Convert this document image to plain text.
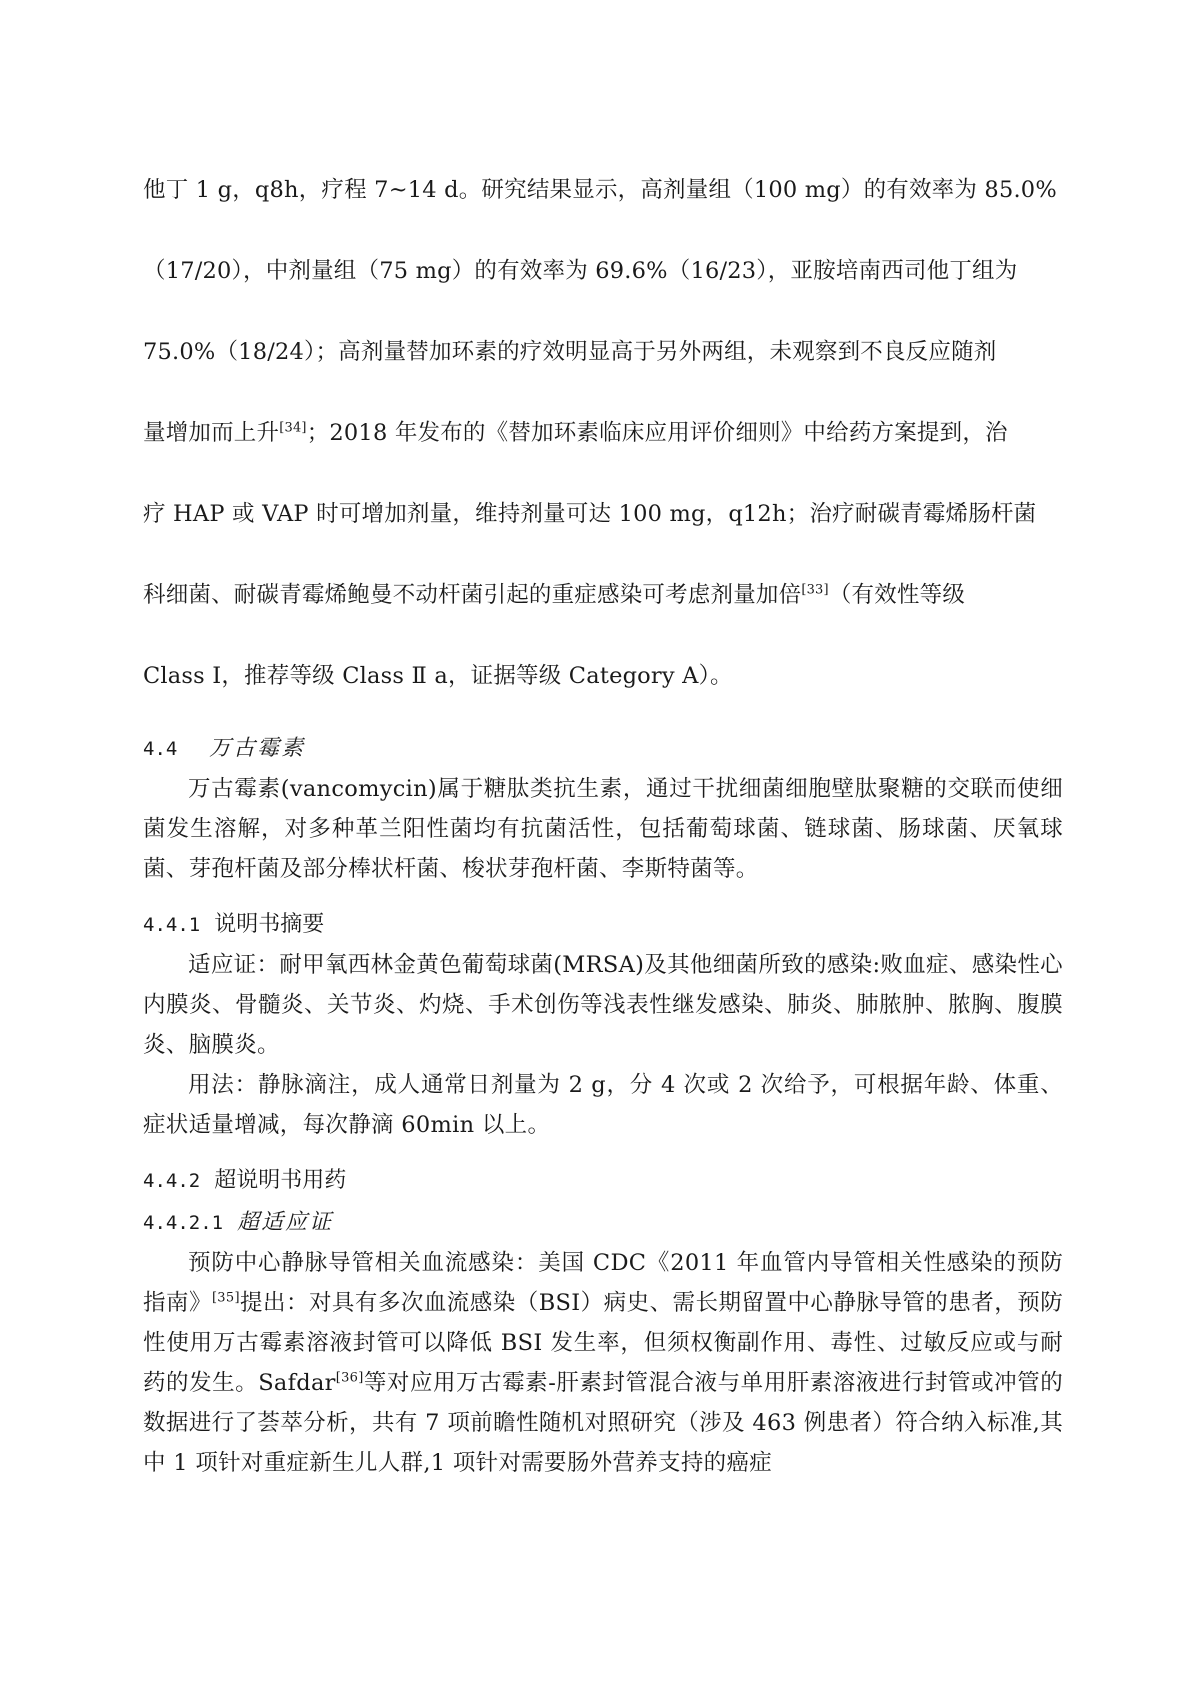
他丁 1 g，q8h，疗程 7~14 d。研究结果显示，高剂量组（100 mg）的有效率为 85.0%

（17/20），中剂量组（75 mg）的有效率为 69.6%（16/23），亚胺培南西司他丁组为

75.0%（18/24）；高剂量替加环素的疗效明显高于另外两组，未观察到不良反应随剂

量增加而上升[34]；2018 年发布的《替加环素临床应用评价细则》中给药方案提到，治

疗 HAP 或 VAP 时可增加剂量，维持剂量可达 100 mg，q12h；治疗耐碳青霉烯肠杆菌

科细菌、耐碳青霉烯鲍曼不动杆菌引起的重症感染可考虑剂量加倍[33]（有效性等级

Class Ⅰ，推荐等级 Class Ⅱ a，证据等级 Category A）。

4.4 万古霉素

万古霉素(vancomycin)属于糖肽类抗生素，通过干扰细菌细胞壁肽聚糖的交联而使细菌发生溶解，对多种革兰阳性菌均有抗菌活性，包括葡萄球菌、链球菌、肠球菌、厌氧球菌、芽孢杆菌及部分棒状杆菌、梭状芽孢杆菌、李斯特菌等。

4.4.1 说明书摘要

适应证：耐甲氧西林金黄色葡萄球菌(MRSA)及其他细菌所致的感染:败血症、感染性心内膜炎、骨髓炎、关节炎、灼烧、手术创伤等浅表性继发感染、肺炎、肺脓肿、脓胸、腹膜炎、脑膜炎。

用法：静脉滴注，成人通常日剂量为 2 g，分 4 次或 2 次给予，可根据年龄、体重、症状适量增减，每次静滴 60min 以上。

4.4.2 超说明书用药
4.4.2.1 超适应证

预防中心静脉导管相关血流感染：美国 CDC《2011 年血管内导管相关性感染的预防指南》[35]提出：对具有多次血流感染（BSI）病史、需长期留置中心静脉导管的患者，预防性使用万古霉素溶液封管可以降低 BSI 发生率，但须权衡副作用、毒性、过敏反应或与耐药的发生。Safdar[36]等对应用万古霉素-肝素封管混合液与单用肝素溶液进行封管或冲管的数据进行了荟萃分析，共有 7 项前瞻性随机对照研究（涉及 463 例患者）符合纳入标准,其中 1 项针对重症新生儿人群,1 项针对需要肠外营养支持的癌症
